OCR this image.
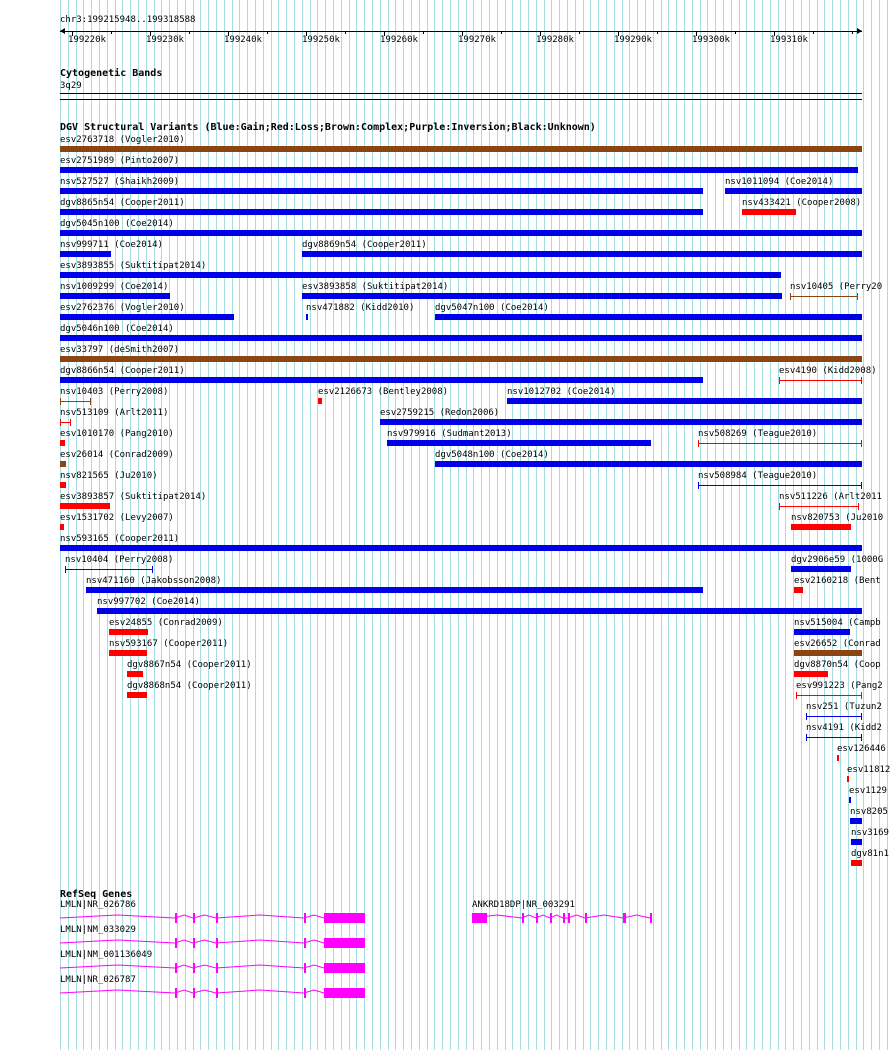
chr3:199215948..199318588
199220k	199230k	199240k	199250k	199260k	199270k	199280k	199290k	199300k	199310k
Cytogenetic Bands
3q29
DGV Structural Variants (Blue:Gain;Red:Loss;Brown:Complex;Purple:Inversion;Black:Unknown)
esv2763718 (Vogler2010)
esv2751989 (Pinto2007)
nsv527527 (Shaikh2009)	nsv1011094 (Coe2014)
dgv8865n54 (Cooper2011)	nsv433421 (Cooper2008)
dgv5045n100 (Coe2014)
nsv999711 (Coe2014)	dgv8869n54 (Cooper2011)
esv3893855 (Suktitipat2014)
nsv1009299 (Coe2014)	esv3893858 (Suktitipat2014)	nsv10405 (Perry20
esv2762376 (Vogler2010)	nsv471882 (Kidd2010) dgv5047n100 (Coe2014)
dgv5046n100 (Coe2014)
esv33797 (deSmith2007)
dgv8866n54 (Cooper2011)	esv4190 (Kidd2008)
nsv10403 (Perry2008)	esv2126673 (Bentley2008)	nsv1012702 (Coe2014)
nsv513109 (Arlt2011)	esv2759215 (Redon2006)
esv1010170 (Pang2010)	nsv979916 (Sudmant2013)	nsv508269 (Teague2010)
esv26014 (Conrad2009)	dgv5048n100 (Coe2014)
nsv821565 (Ju2010)	nsv508984 (Teague2010)
esv3893857 (Suktitipat2014)	nsv511226 (Arlt2011
esv1531702 (Levy2007)	nsv820753 (Ju2010
nsv593165 (Cooper2011)
nsv10404 (Perry2008)	dgv2906e59 (1000G
nsv471160 (Jakobsson2008)	esv2160218 (Bent
nsv997702 (Coe2014)
esv24855 (Conrad2009)	nsv515004 (Campb
nsv593167 (Cooper2011)	esv26652 (Conrad
dgv8867n54 (Cooper2011)	dgv8870n54 (Coop
dgv8868n54 (Cooper2011)	esv991223 (Pang2
nsv251 (Tuzun2
nsv4191 (Kidd2
esv126446
esv11812
esv1129
nsv8205
nsv3169
dgv81n1
RefSeq Genes
LMLN|NR_026786
LMLN|NM_033029
LMLN|NM_001136049
LMLN|NR_026787
ANKRD18DP|NR_003291
